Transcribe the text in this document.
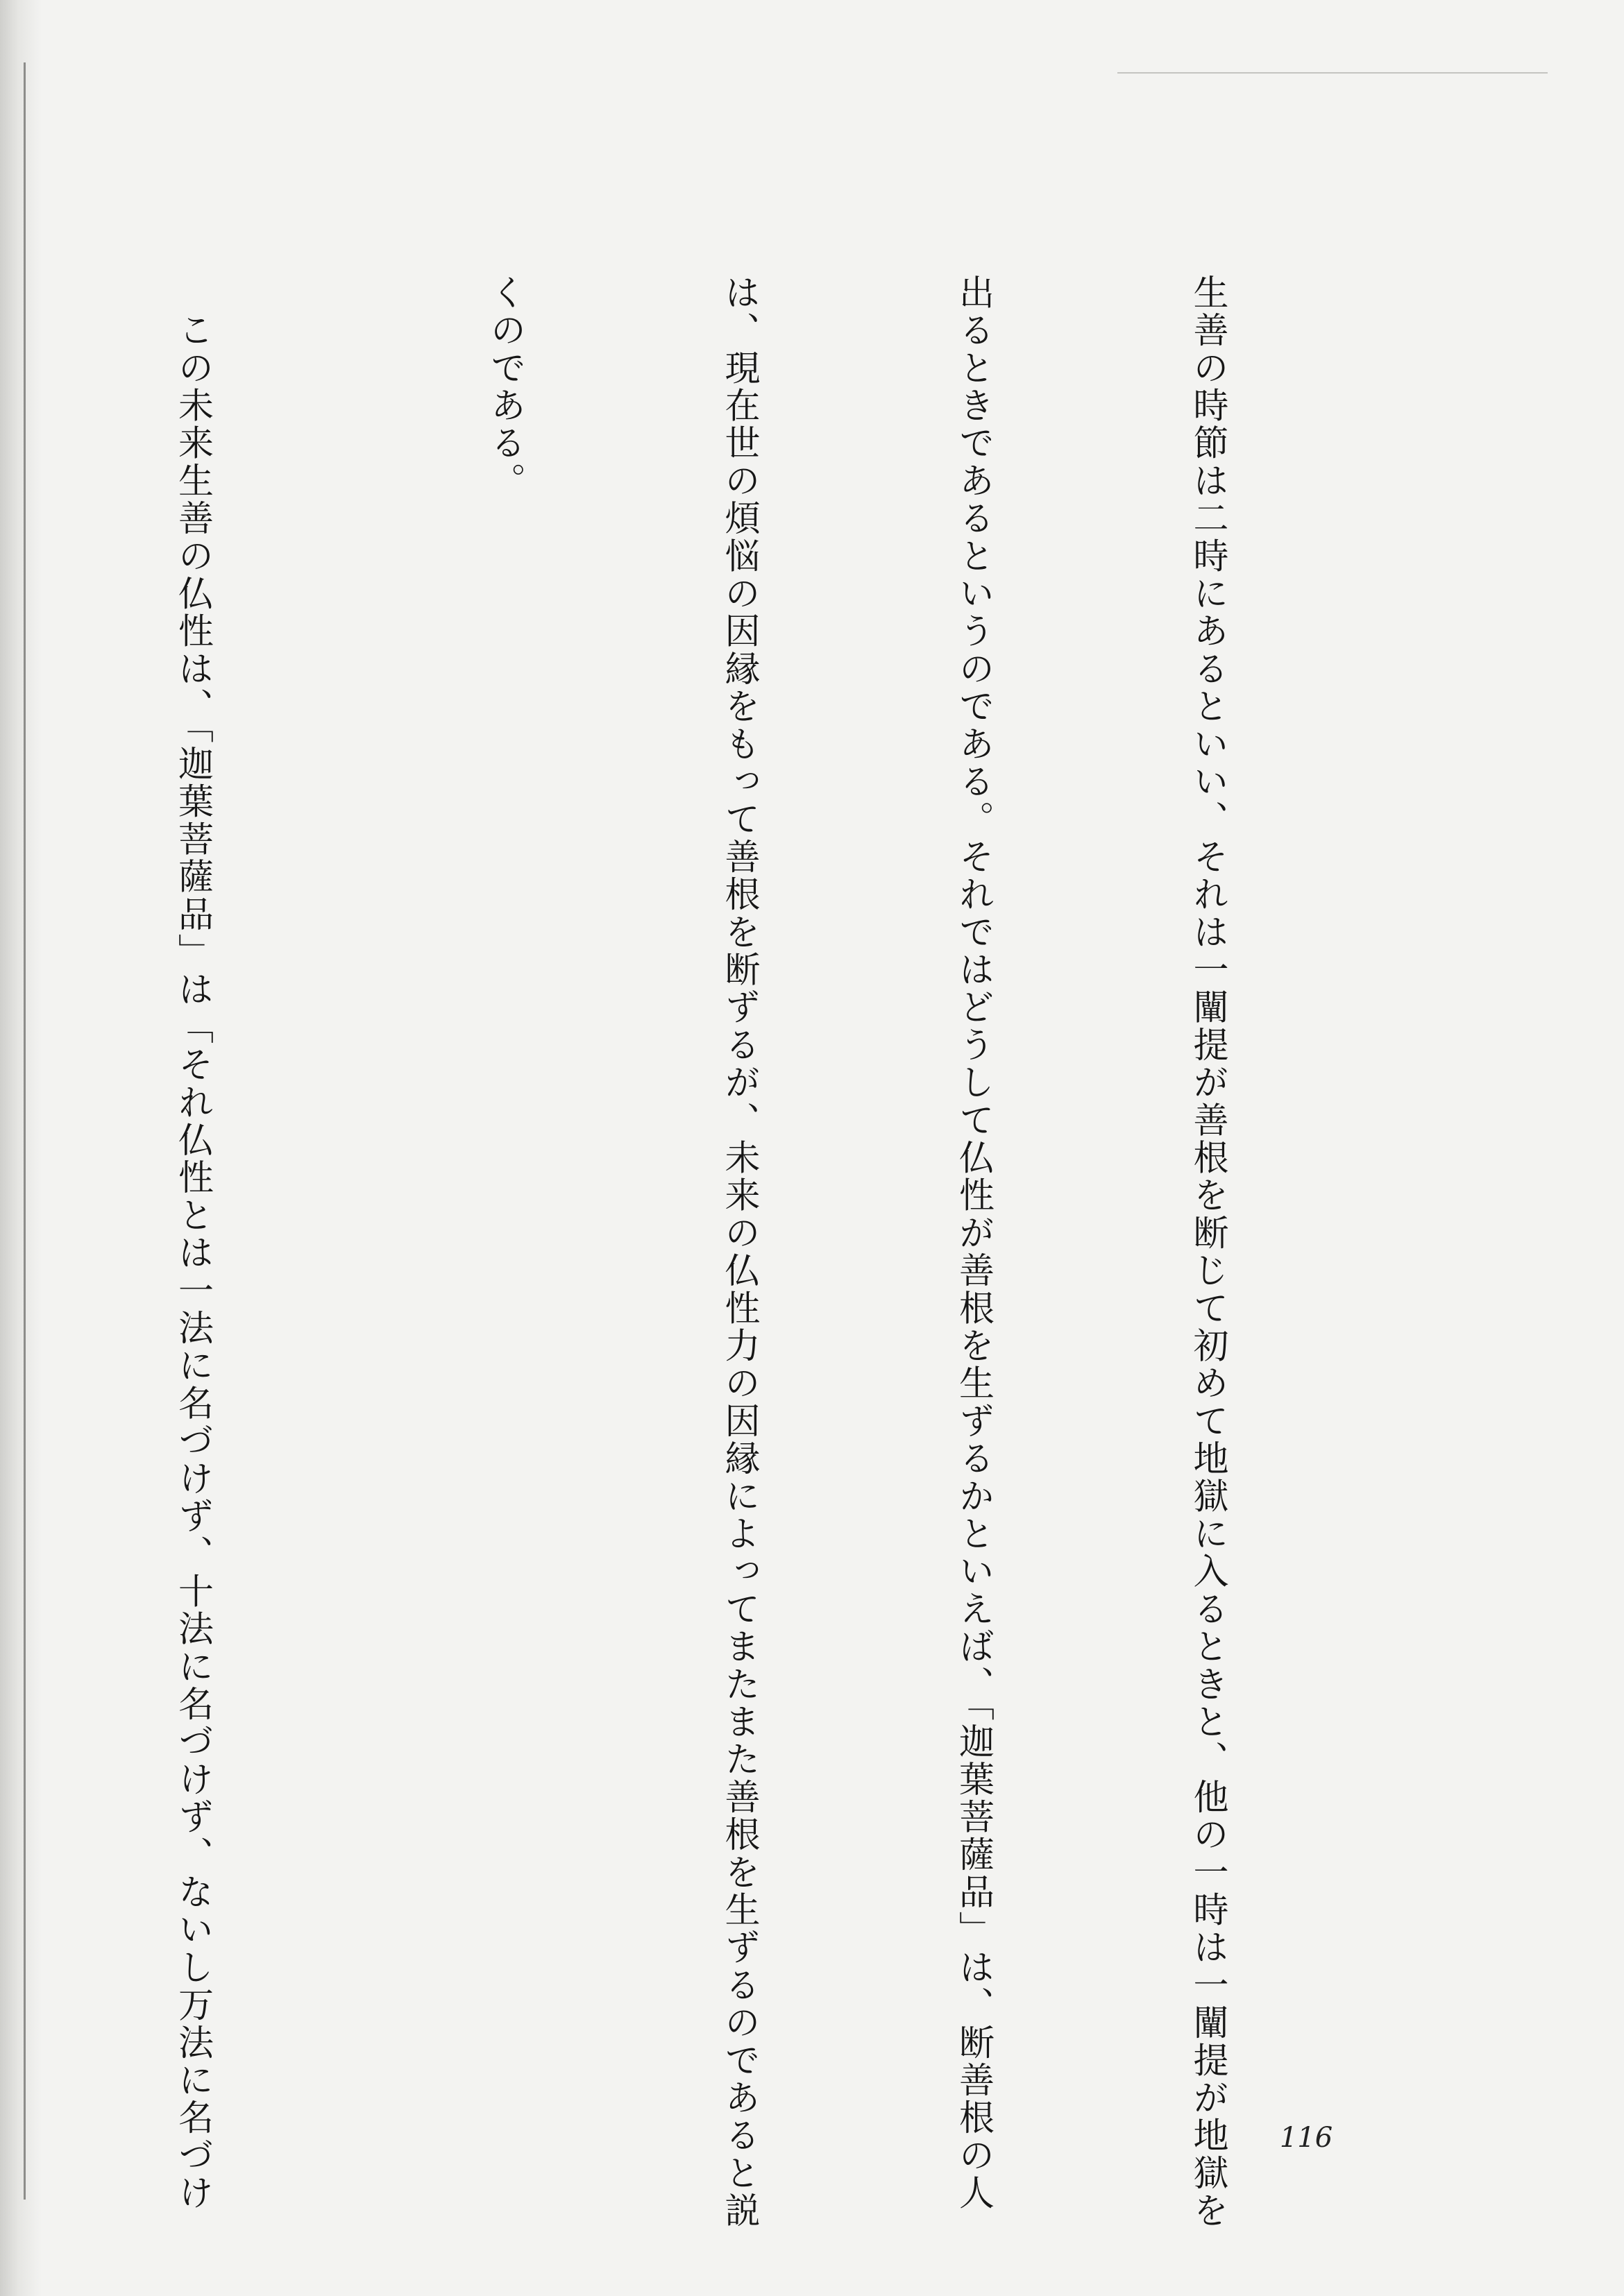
生善の時節は二時にあるといい、それは一闡提が善根を断じて初めて地獄に入るときと、他の一時は一闡提が地獄を

出るときであるというのである。それではどうして仏性が善根を生ずるかといえば、「迦葉菩薩品」は、断善根の人

は、現在世の煩悩の因縁をもって善根を断ずるが、未来の仏性力の因縁によってまたまた善根を生ずるのであると説

くのである。

　この未来生善の仏性は、「迦葉菩薩品」は「それ仏性とは一法に名づけず、十法に名づけず、ないし万法に名づけ

	116
